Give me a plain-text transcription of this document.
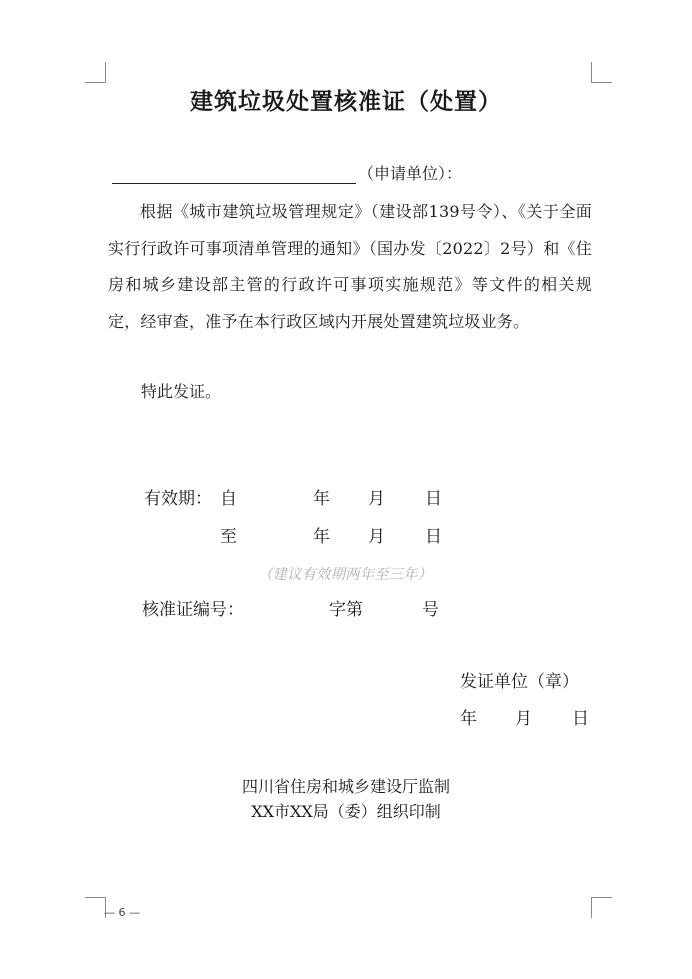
建筑垃圾处置核准证（处置）
（申请单位）：

根据《城市建筑垃圾管理规定》（建设部139号令）、《关于全面实行行政许可事项清单管理的通知》（国办发〔2022〕2号）和《住房和城乡建设部主管的行政许可事项实施规范》等文件的相关规定，经审查，准予在本行政区域内开展处置建筑垃圾业务。

特此发证。

有效期： 自	年 月 日
至	年 月 日
（建议有效期两年至三年）
核准证编号：	字第	号
发证单位（章）
年 月 日
四川省住房和城乡建设厅监制
XX市XX局（委）组织印制
— 6 —
